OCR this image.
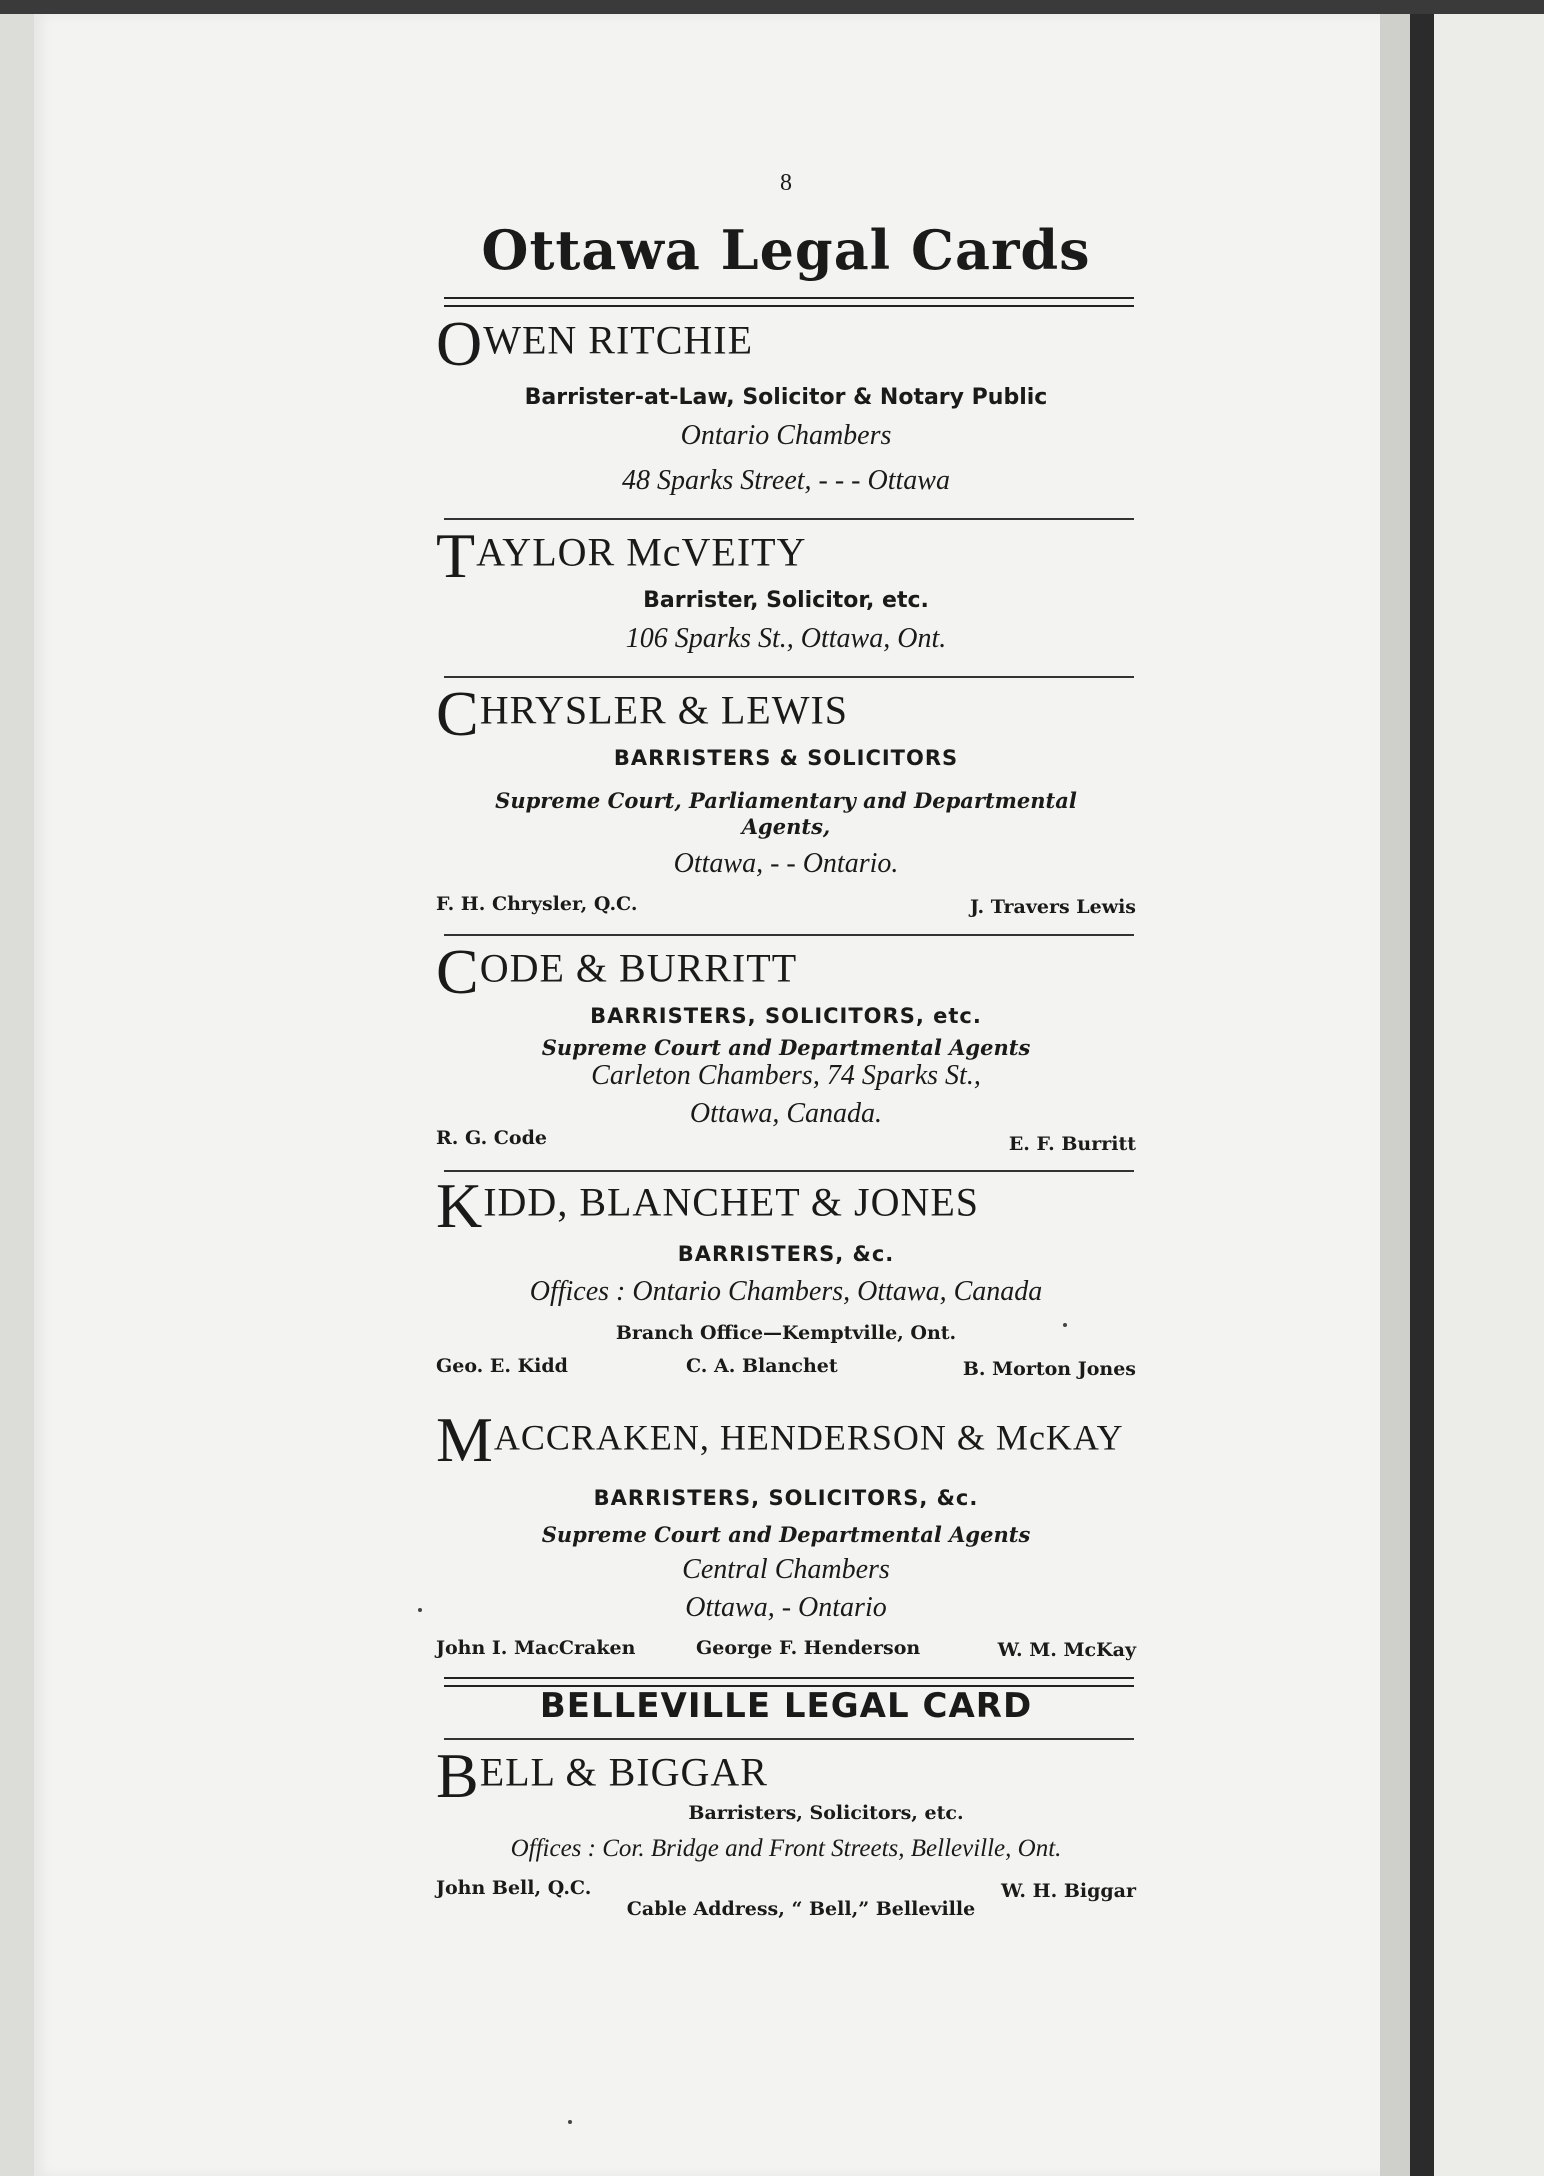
8
Ottawa Legal Cards
OWEN RITCHIE
Barrister-at-Law, Solicitor & Notary Public
Ontario Chambers
48 Sparks Street, - - - Ottawa
TAYLOR McVEITY
Barrister, Solicitor, etc.
106 Sparks St., Ottawa, Ont.
CHRYSLER & LEWIS
BARRISTERS & SOLICITORS
Supreme Court, Parliamentary and Departmental
Agents,
Ottawa, - - Ontario.
F. H. Chrysler, Q.C.	J. Travers Lewis
CODE & BURRITT
BARRISTERS, SOLICITORS, etc.
Supreme Court and Departmental Agents
Carleton Chambers, 74 Sparks St.,
Ottawa, Canada.
R. G. Code	E. F. Burritt
KIDD, BLANCHET & JONES
BARRISTERS, &c.
Offices : Ontario Chambers, Ottawa, Canada
Branch Office—Kemptville, Ont.
Geo. E. Kidd	C. A. Blanchet	B. Morton Jones
MACCRAKEN, HENDERSON & McKAY
BARRISTERS, SOLICITORS, &c.
Supreme Court and Departmental Agents
Central Chambers
Ottawa, - Ontario
John I. MacCraken	George F. Henderson	W. M. McKay
BELLEVILLE LEGAL CARD
BELL & BIGGAR
Barristers, Solicitors, etc.
Offices : Cor. Bridge and Front Streets, Belleville, Ont.
John Bell, Q.C.	W. H. Biggar
Cable Address, “ Bell,” Belleville
